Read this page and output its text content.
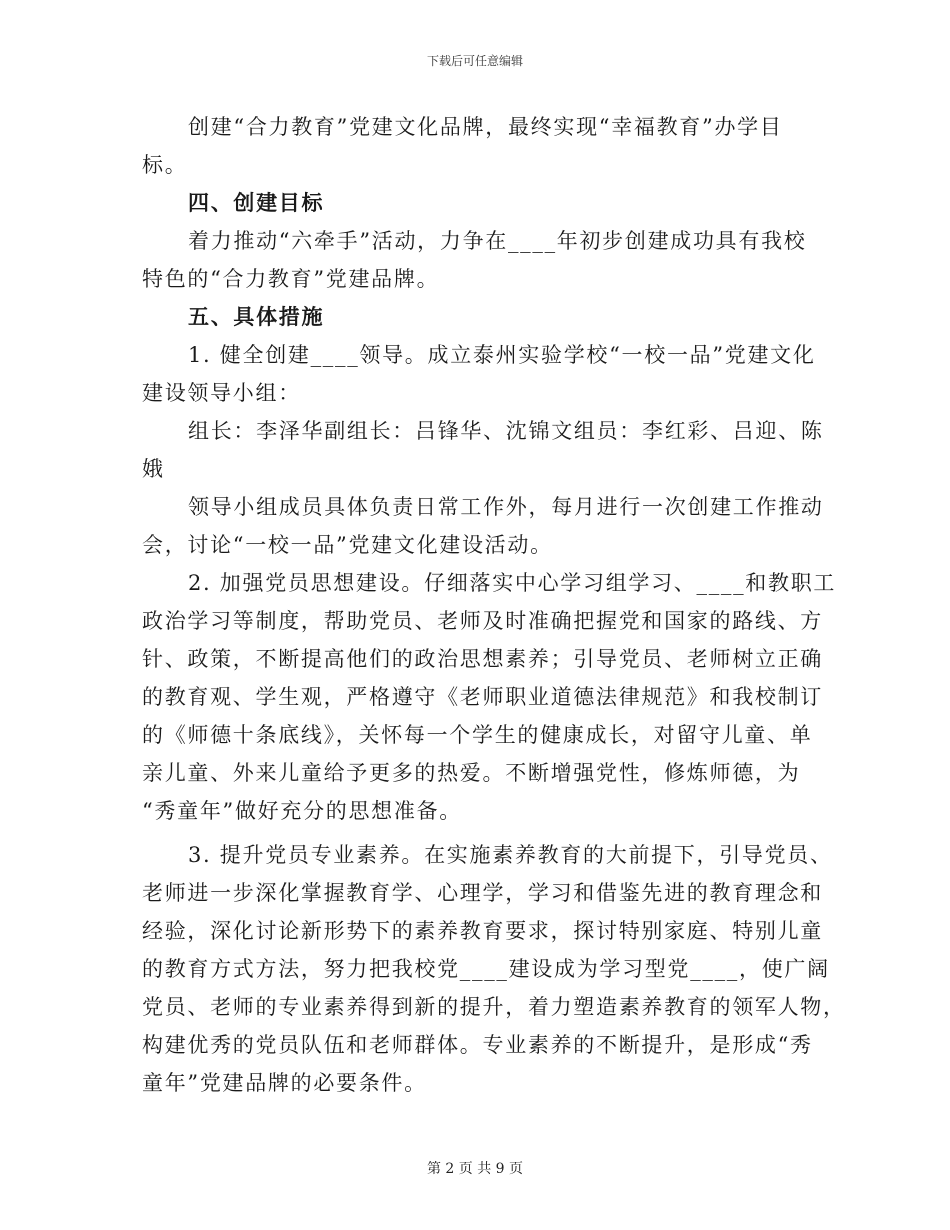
下载后可任意编辑
创建“合力教育”党建文化品牌，最终实现“幸福教育”办学目
标。
四、创建目标
着力推动“六牵手”活动，力争在____年初步创建成功具有我校
特色的“合力教育”党建品牌。
五、具体措施
1. 健全创建____领导。成立泰州实验学校“一校一品”党建文化
建设领导小组：
组长：李泽华副组长：吕锋华、沈锦文组员：李红彩、吕迎、陈
娥
领导小组成员具体负责日常工作外，每月进行一次创建工作推动
会，讨论“一校一品”党建文化建设活动。
2. 加强党员思想建设。仔细落实中心学习组学习、____和教职工
政治学习等制度，帮助党员、老师及时准确把握党和国家的路线、方
针、政策，不断提高他们的政治思想素养；引导党员、老师树立正确
的教育观、学生观，严格遵守《老师职业道德法律规范》和我校制订
的《师德十条底线》，关怀每一个学生的健康成长，对留守儿童、单
亲儿童、外来儿童给予更多的热爱。不断增强党性，修炼师德，为
“秀童年”做好充分的思想准备。
3. 提升党员专业素养。在实施素养教育的大前提下，引导党员、
老师进一步深化掌握教育学、心理学，学习和借鉴先进的教育理念和
经验，深化讨论新形势下的素养教育要求，探讨特别家庭、特别儿童
的教育方式方法，努力把我校党____建设成为学习型党____，使广阔
党员、老师的专业素养得到新的提升，着力塑造素养教育的领军人物，
构建优秀的党员队伍和老师群体。专业素养的不断提升，是形成“秀
童年”党建品牌的必要条件。
第 2 页 共 9 页
